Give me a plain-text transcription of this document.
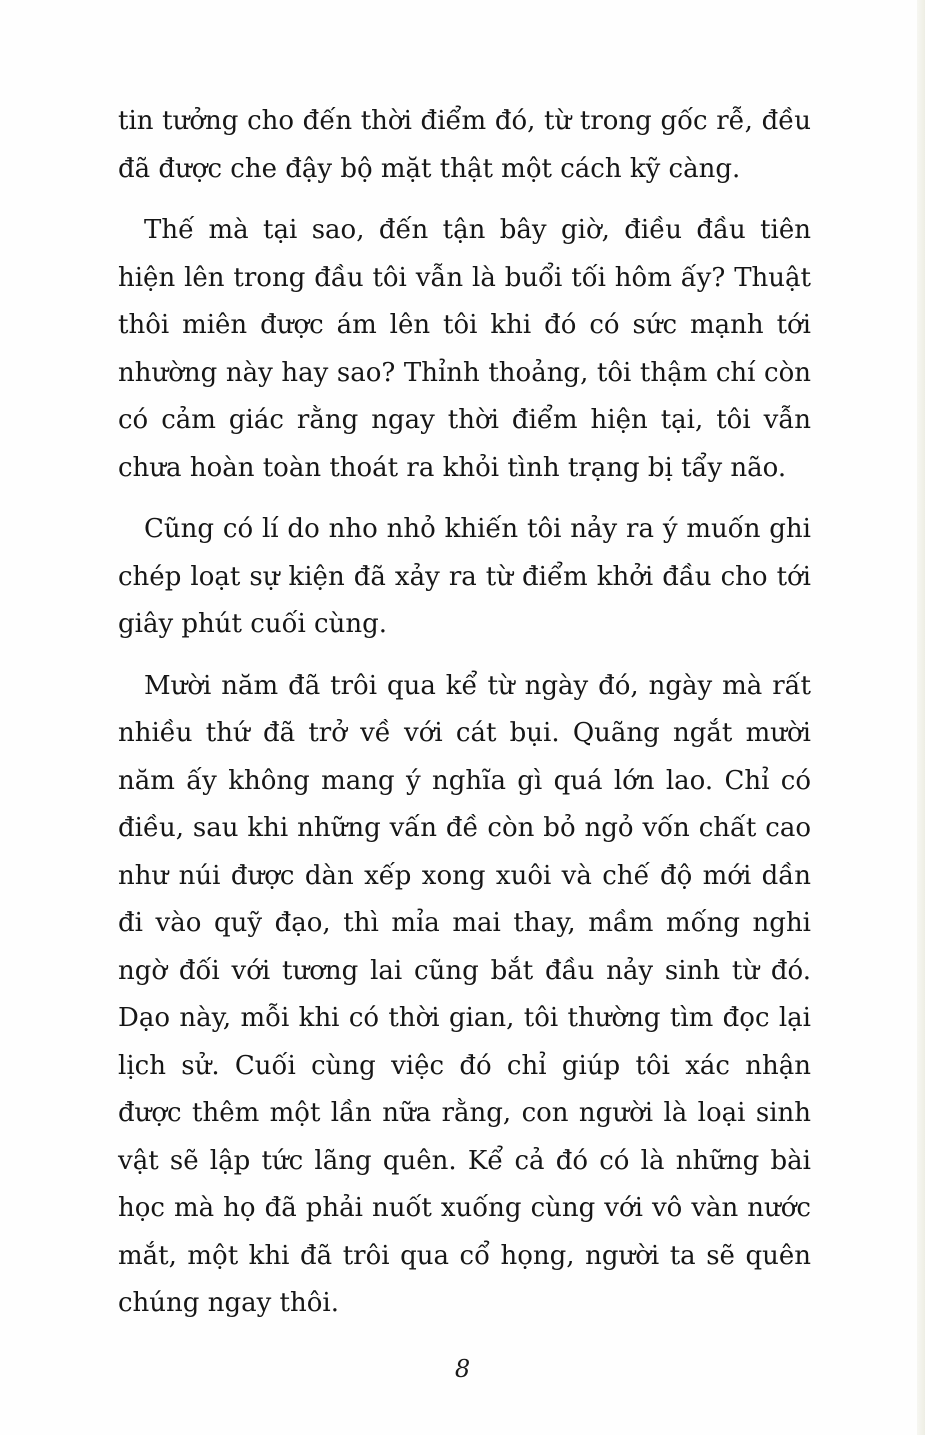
tin tưởng cho đến thời điểm đó, từ trong gốc rễ, đều đã được che đậy bộ mặt thật một cách kỹ càng.

Thế mà tại sao, đến tận bây giờ, điều đầu tiên hiện lên trong đầu tôi vẫn là buổi tối hôm ấy? Thuật thôi miên được ám lên tôi khi đó có sức mạnh tới nhường này hay sao? Thỉnh thoảng, tôi thậm chí còn có cảm giác rằng ngay thời điểm hiện tại, tôi vẫn chưa hoàn toàn thoát ra khỏi tình trạng bị tẩy não.

Cũng có lí do nho nhỏ khiến tôi nảy ra ý muốn ghi chép loạt sự kiện đã xảy ra từ điểm khởi đầu cho tới giây phút cuối cùng.

Mười năm đã trôi qua kể từ ngày đó, ngày mà rất nhiều thứ đã trở về với cát bụi. Quãng ngắt mười năm ấy không mang ý nghĩa gì quá lớn lao. Chỉ có điều, sau khi những vấn đề còn bỏ ngỏ vốn chất cao như núi được dàn xếp xong xuôi và chế độ mới dần đi vào quỹ đạo, thì mỉa mai thay, mầm mống nghi ngờ đối với tương lai cũng bắt đầu nảy sinh từ đó. Dạo này, mỗi khi có thời gian, tôi thường tìm đọc lại lịch sử. Cuối cùng việc đó chỉ giúp tôi xác nhận được thêm một lần nữa rằng, con người là loại sinh vật sẽ lập tức lãng quên. Kể cả đó có là những bài học mà họ đã phải nuốt xuống cùng với vô vàn nước mắt, một khi đã trôi qua cổ họng, người ta sẽ quên chúng ngay thôi.

8
